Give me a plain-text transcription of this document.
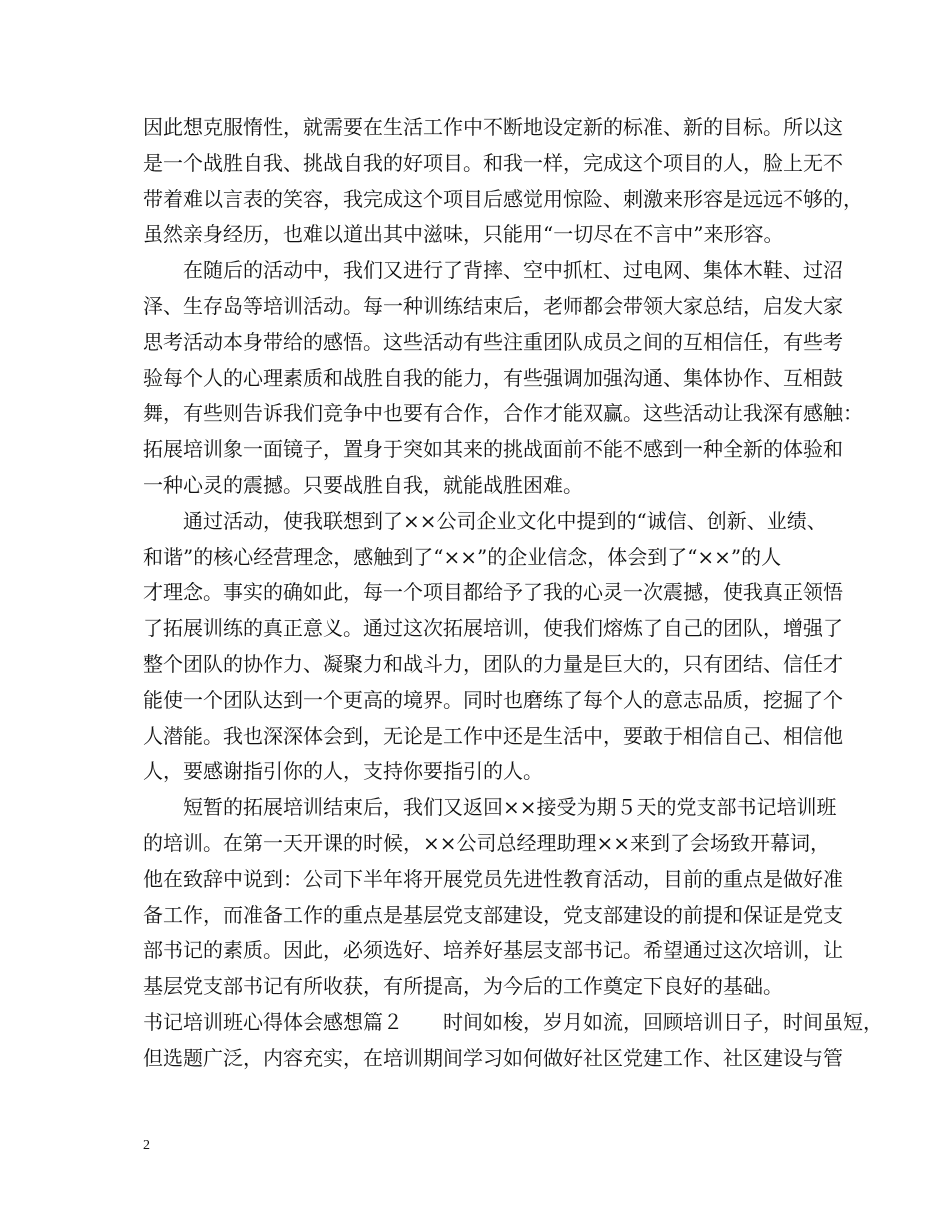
因此想克服惰性，就需要在生活工作中不断地设定新的标准、新的目标。所以这
是一个战胜自我、挑战自我的好项目。和我一样，完成这个项目的人，脸上无不
带着难以言表的笑容，我完成这个项目后感觉用惊险、刺激来形容是远远不够的，
虽然亲身经历，也难以道出其中滋味，只能用“一切尽在不言中”来形容。
在随后的活动中，我们又进行了背摔、空中抓杠、过电网、集体木鞋、过沼
泽、生存岛等培训活动。每一种训练结束后，老师都会带领大家总结，启发大家
思考活动本身带给的感悟。这些活动有些注重团队成员之间的互相信任，有些考
验每个人的心理素质和战胜自我的能力，有些强调加强沟通、集体协作、互相鼓
舞，有些则告诉我们竞争中也要有合作，合作才能双赢。这些活动让我深有感触：
拓展培训象一面镜子，置身于突如其来的挑战面前不能不感到一种全新的体验和
一种心灵的震撼。只要战胜自我，就能战胜困难。
通过活动，使我联想到了××公司企业文化中提到的“诚信、创新、业绩、
和谐”的核心经营理念，感触到了“××”的企业信念，体会到了“××”的人
才理念。事实的确如此，每一个项目都给予了我的心灵一次震撼，使我真正领悟
了拓展训练的真正意义。通过这次拓展培训，使我们熔炼了自己的团队，增强了
整个团队的协作力、凝聚力和战斗力，团队的力量是巨大的，只有团结、信任才
能使一个团队达到一个更高的境界。同时也磨练了每个人的意志品质，挖掘了个
人潜能。我也深深体会到，无论是工作中还是生活中，要敢于相信自己、相信他
人，要感谢指引你的人，支持你要指引的人。
短暂的拓展培训结束后，我们又返回××接受为期５天的党支部书记培训班
的培训。在第一天开课的时候，××公司总经理助理××来到了会场致开幕词，
他在致辞中说到：公司下半年将开展党员先进性教育活动，目前的重点是做好准
备工作，而准备工作的重点是基层党支部建设，党支部建设的前提和保证是党支
部书记的素质。因此，必须选好、培养好基层支部书记。希望通过这次培训，让
基层党支部书记有所收获，有所提高，为今后的工作奠定下良好的基础。
书记培训班心得体会感想篇２　　时间如梭，岁月如流，回顾培训日子，时间虽短，
但选题广泛，内容充实，在培训期间学习如何做好社区党建工作、社区建设与管
2
